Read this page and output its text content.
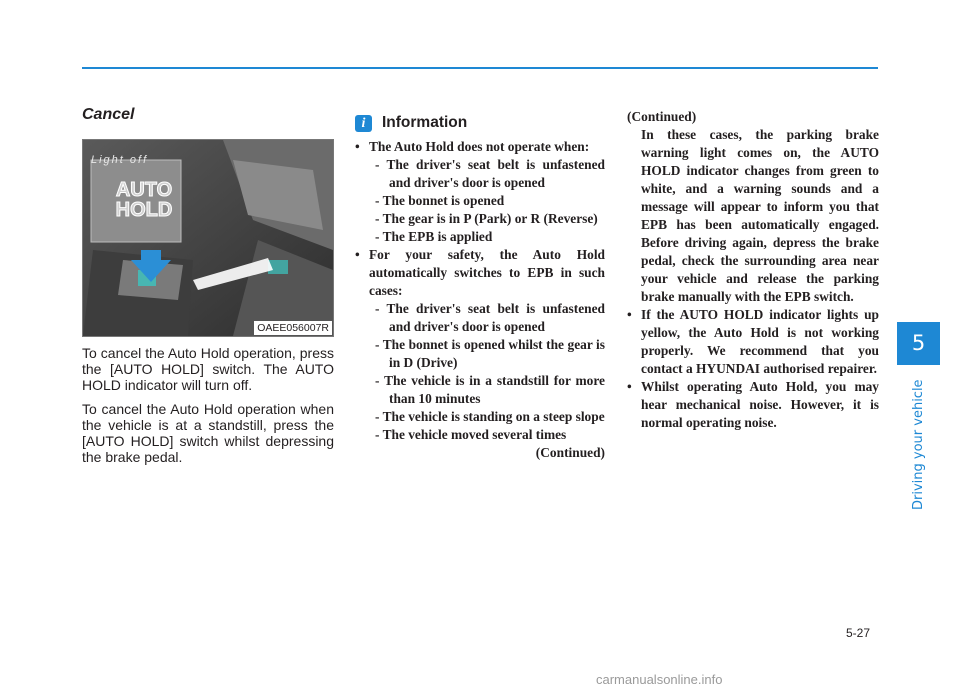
Cancel
Light off
AUTO
HOLD
OAEE056007R

To cancel the Auto Hold operation, press the [AUTO HOLD] switch. The AUTO HOLD indicator will turn off.

To cancel the Auto Hold operation when the vehicle is at a standstill, press the [AUTO HOLD] switch whilst depressing the brake pedal.

i	Information
• The Auto Hold does not operate when:
- The driver's seat belt is unfastened and driver's door is opened
- The bonnet is opened
- The gear is in P (Park) or R (Reverse)
- The EPB is applied
• For your safety, the Auto Hold automatically switches to EPB in such cases:
- The driver's seat belt is unfastened and driver's door is opened
- The bonnet is opened whilst the gear is in D (Drive)
- The vehicle is in a standstill for more than 10 minutes
- The vehicle is standing on a steep slope
- The vehicle moved several times
(Continued)
(Continued)
In these cases, the parking brake warning light comes on, the AUTO HOLD indicator changes from green to white, and a warning sounds and a message will appear to inform you that EPB has been automatically engaged. Before driving again, depress the brake pedal, check the surrounding area near your vehicle and release the parking brake manually with the EPB switch.
• If the AUTO HOLD indicator lights up yellow, the Auto Hold is not working properly. We recommend that you contact a HYUNDAI authorised repairer.
• Whilst operating Auto Hold, you may hear mechanical noise. However, it is normal operating noise.
5
Driving your vehicle
5-27
carmanualsonline.info
